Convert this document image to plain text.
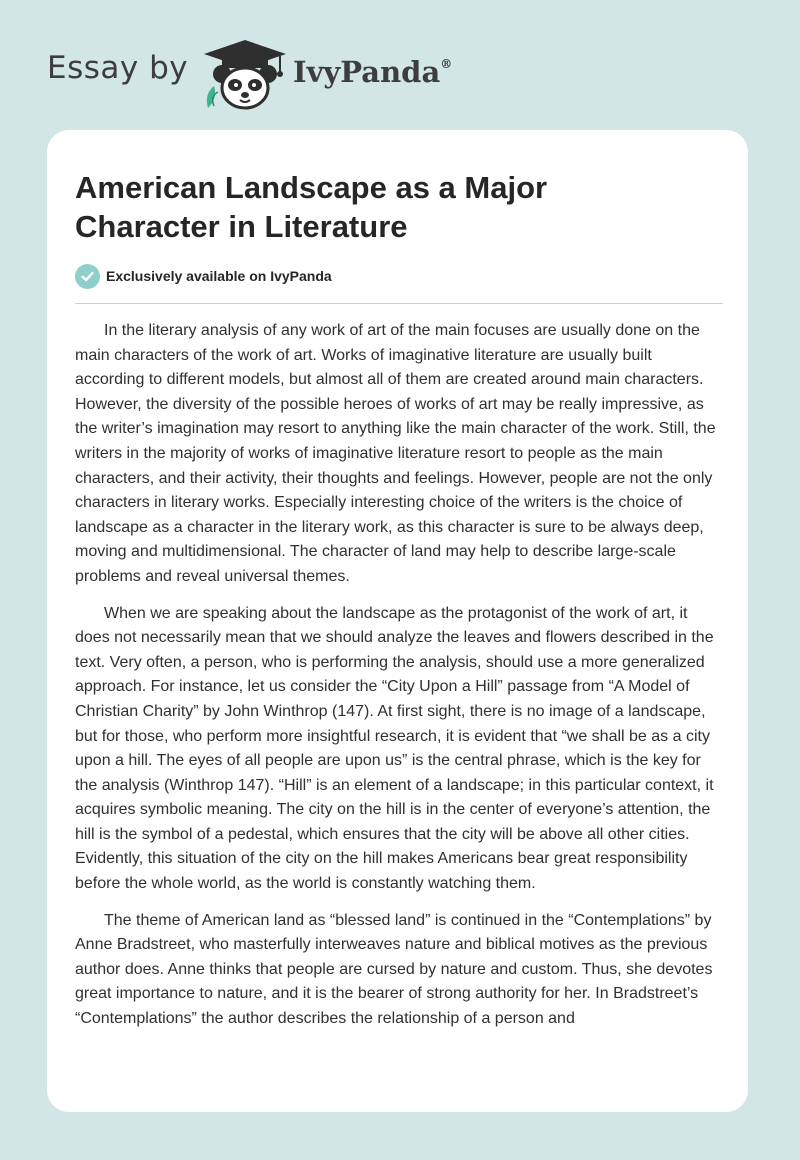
Essay by	IvyPanda®
American Landscape as a Major Character in Literature
Exclusively available on IvyPanda

In the literary analysis of any work of art of the main focuses are usually done on the main characters of the work of art. Works of imaginative literature are usually built according to different models, but almost all of them are created around main characters. However, the diversity of the possible heroes of works of art may be really impressive, as the writer’s imagination may resort to anything like the main character of the work. Still, the writers in the majority of works of imaginative literature resort to people as the main characters, and their activity, their thoughts and feelings. However, people are not the only characters in literary works. Especially interesting choice of the writers is the choice of landscape as a character in the literary work, as this character is sure to be always deep, moving and multidimensional. The character of land may help to describe large-scale problems and reveal universal themes.

When we are speaking about the landscape as the protagonist of the work of art, it does not necessarily mean that we should analyze the leaves and flowers described in the text. Very often, a person, who is performing the analysis, should use a more generalized approach. For instance, let us consider the “City Upon a Hill” passage from “A Model of Christian Charity” by John Winthrop (147). At first sight, there is no image of a landscape, but for those, who perform more insightful research, it is evident that “we shall be as a city upon a hill. The eyes of all people are upon us” is the central phrase, which is the key for the analysis (Winthrop 147). “Hill” is an element of a landscape; in this particular context, it acquires symbolic meaning. The city on the hill is in the center of everyone’s attention, the hill is the symbol of a pedestal, which ensures that the city will be above all other cities. Evidently, this situation of the city on the hill makes Americans bear great responsibility before the whole world, as the world is constantly watching them.

The theme of American land as “blessed land” is continued in the “Contemplations” by Anne Bradstreet, who masterfully interweaves nature and biblical motives as the previous author does. Anne thinks that people are cursed by nature and custom. Thus, she devotes great importance to nature, and it is the bearer of strong authority for her. In Bradstreet’s “Contemplations” the author describes the relationship of a person and
